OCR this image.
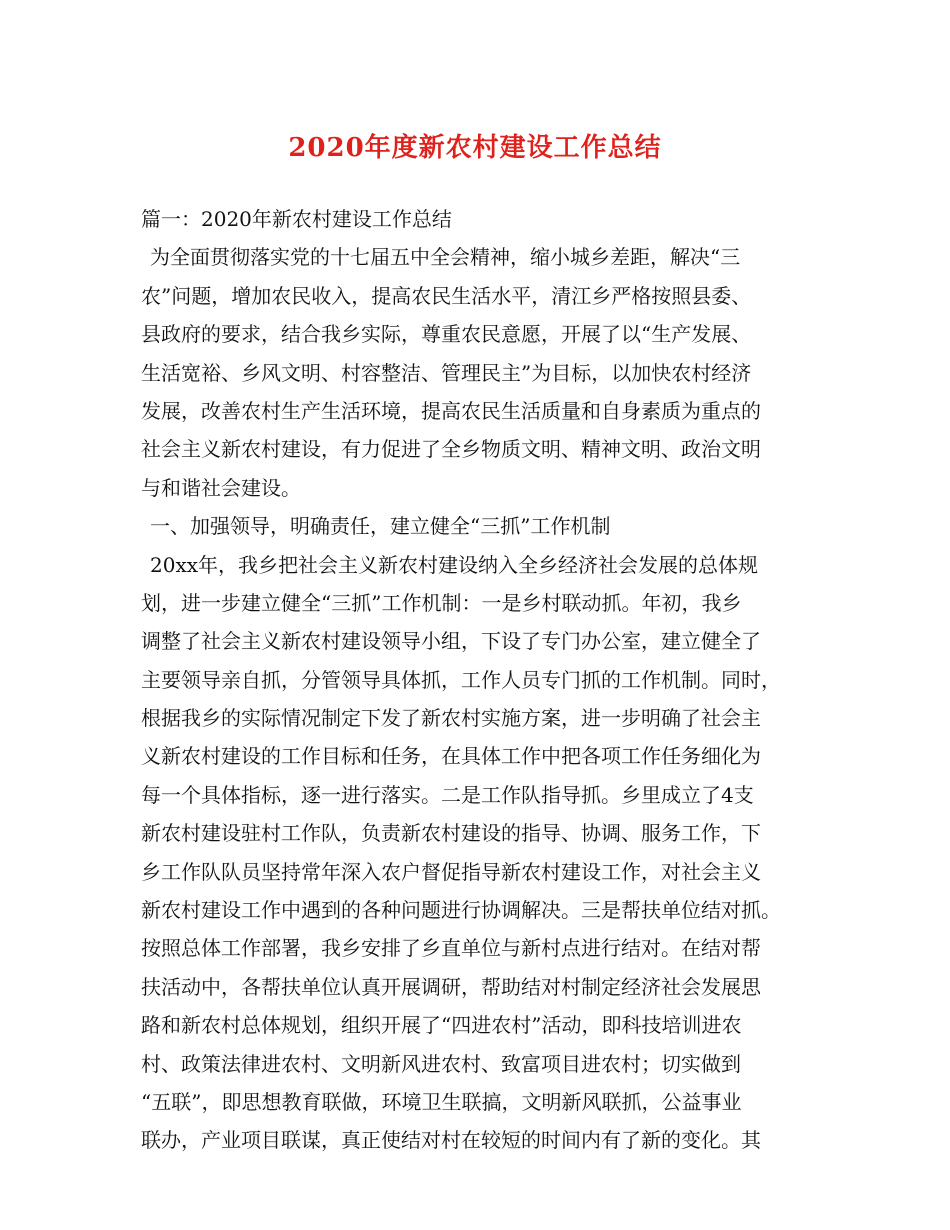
2020年度新农村建设工作总结
篇一：2020年新农村建设工作总结
为全面贯彻落实党的十七届五中全会精神，缩小城乡差距，解决“三
农”问题，增加农民收入，提高农民生活水平，清江乡严格按照县委、
县政府的要求，结合我乡实际，尊重农民意愿，开展了以“生产发展、
生活宽裕、乡风文明、村容整洁、管理民主”为目标，以加快农村经济
发展，改善农村生产生活环境，提高农民生活质量和自身素质为重点的
社会主义新农村建设，有力促进了全乡物质文明、精神文明、政治文明
与和谐社会建设。
一、加强领导，明确责任，建立健全“三抓”工作机制
20xx年，我乡把社会主义新农村建设纳入全乡经济社会发展的总体规
划，进一步建立健全“三抓”工作机制：一是乡村联动抓。年初，我乡
调整了社会主义新农村建设领导小组，下设了专门办公室，建立健全了
主要领导亲自抓，分管领导具体抓，工作人员专门抓的工作机制。同时，
根据我乡的实际情况制定下发了新农村实施方案，进一步明确了社会主
义新农村建设的工作目标和任务，在具体工作中把各项工作任务细化为
每一个具体指标，逐一进行落实。二是工作队指导抓。乡里成立了4支
新农村建设驻村工作队，负责新农村建设的指导、协调、服务工作，下
乡工作队队员坚持常年深入农户督促指导新农村建设工作，对社会主义
新农村建设工作中遇到的各种问题进行协调解决。三是帮扶单位结对抓。
按照总体工作部署，我乡安排了乡直单位与新村点进行结对。在结对帮
扶活动中，各帮扶单位认真开展调研，帮助结对村制定经济社会发展思
路和新农村总体规划，组织开展了“四进农村”活动，即科技培训进农
村、政策法律进农村、文明新风进农村、致富项目进农村；切实做到
“五联”，即思想教育联做，环境卫生联搞，文明新风联抓，公益事业
联办，产业项目联谋，真正使结对村在较短的时间内有了新的变化。其
